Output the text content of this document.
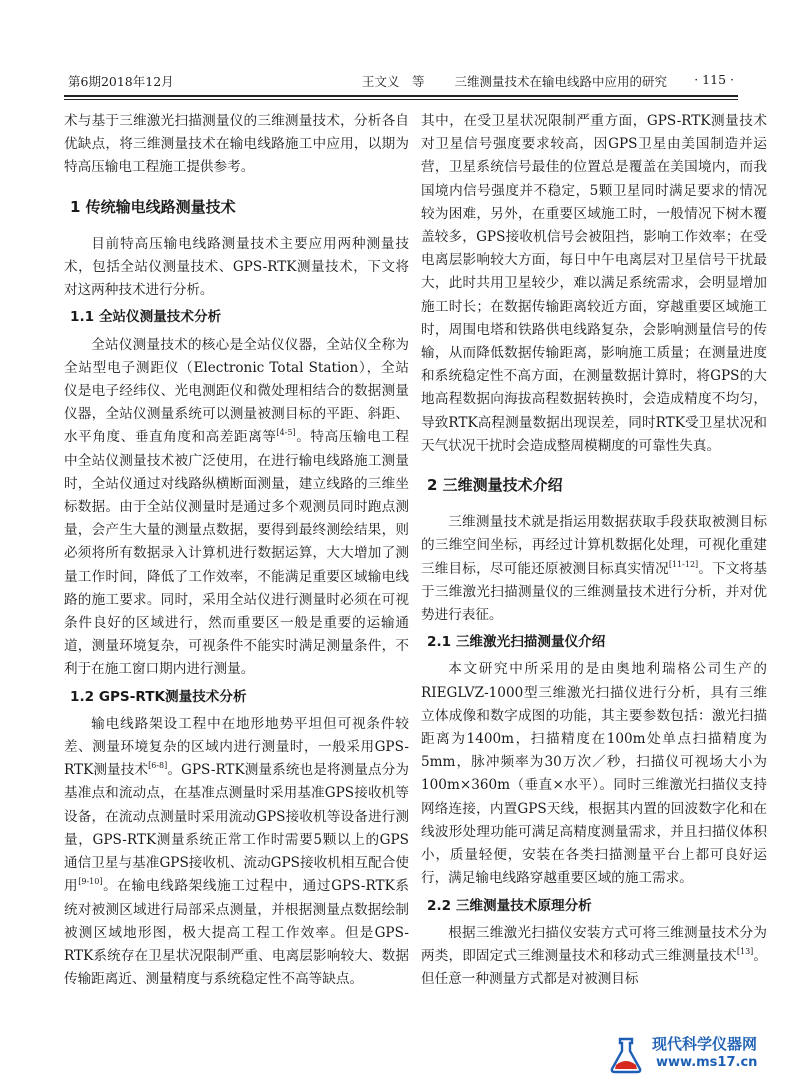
第6期2018年12月	王文义　等 三维测量技术在输电线路中应用的研究 · 115 ·

术与基于三维激光扫描测量仪的三维测量技术，分析各自优缺点，将三维测量技术在输电线路施工中应用，以期为特高压输电工程施工提供参考。

1 传统输电线路测量技术

目前特高压输电线路测量技术主要应用两种测量技术，包括全站仪测量技术、GPS-RTK测量技术，下文将对这两种技术进行分析。

1.1 全站仪测量技术分析

全站仪测量技术的核心是全站仪仪器，全站仪全称为全站型电子测距仪（Electronic Total Station），全站仪是电子经纬仪、光电测距仪和微处理相结合的数据测量仪器，全站仪测量系统可以测量被测目标的平距、斜距、水平角度、垂直角度和高差距离等[4-5]。特高压输电工程中全站仪测量技术被广泛使用，在进行输电线路施工测量时，全站仪通过对线路纵横断面测量，建立线路的三维坐标数据。由于全站仪测量时是通过多个观测员同时跑点测量，会产生大量的测量点数据，要得到最终测绘结果，则必须将所有数据录入计算机进行数据运算，大大增加了测量工作时间，降低了工作效率，不能满足重要区域输电线路的施工要求。同时，采用全站仪进行测量时必须在可视条件良好的区域进行，然而重要区一般是重要的运输通道，测量环境复杂，可视条件不能实时满足测量条件，不利于在施工窗口期内进行测量。

1.2 GPS-RTK测量技术分析

输电线路架设工程中在地形地势平坦但可视条件较差、测量环境复杂的区域内进行测量时，一般采用GPS-RTK测量技术[6-8]。GPS-RTK测量系统也是将测量点分为基准点和流动点，在基准点测量时采用基准GPS接收机等设备，在流动点测量时采用流动GPS接收机等设备进行测量，GPS-RTK测量系统正常工作时需要5颗以上的GPS通信卫星与基准GPS接收机、流动GPS接收机相互配合使用[9-10]。在输电线路架线施工过程中，通过GPS-RTK系统对被测区域进行局部采点测量，并根据测量点数据绘制被测区域地形图，极大提高工程工作效率。但是GPS-RTK系统存在卫星状况限制严重、电离层影响较大、数据传输距离近、测量精度与系统稳定性不高等缺点。

其中，在受卫星状况限制严重方面，GPS-RTK测量技术对卫星信号强度要求较高，因GPS卫星由美国制造并运营，卫星系统信号最佳的位置总是覆盖在美国境内，而我国境内信号强度并不稳定，5颗卫星同时满足要求的情况较为困难，另外，在重要区域施工时，一般情况下树木覆盖较多，GPS接收机信号会被阻挡，影响工作效率；在受电离层影响较大方面，每日中午电离层对卫星信号干扰最大，此时共用卫星较少，难以满足系统需求，会明显增加施工时长；在数据传输距离较近方面，穿越重要区域施工时，周围电塔和铁路供电线路复杂，会影响测量信号的传输，从而降低数据传输距离，影响施工质量；在测量进度和系统稳定性不高方面，在测量数据计算时，将GPS的大地高程数据向海拔高程数据转换时，会造成精度不均匀，导致RTK高程测量数据出现误差，同时RTK受卫星状况和天气状况干扰时会造成整周模糊度的可靠性失真。

2 三维测量技术介绍

三维测量技术就是指运用数据获取手段获取被测目标的三维空间坐标，再经过计算机数据化处理，可视化重建三维目标，尽可能还原被测目标真实情况[11-12]。下文将基于三维激光扫描测量仪的三维测量技术进行分析，并对优势进行表征。

2.1 三维激光扫描测量仪介绍

本文研究中所采用的是由奥地利瑞格公司生产的RIEGLVZ-1000型三维激光扫描仪进行分析，具有三维立体成像和数字成图的功能，其主要参数包括：激光扫描距离为1400m，扫描精度在100m处单点扫描精度为5mm，脉冲频率为30万次／秒，扫描仪可视场大小为100m×360m（垂直×水平）。同时三维激光扫描仪支持网络连接，内置GPS天线，根据其内置的回波数字化和在线波形处理功能可满足高精度测量需求，并且扫描仪体积小，质量轻便，安装在各类扫描测量平台上都可良好运行，满足输电线路穿越重要区域的施工需求。

2.2 三维测量技术原理分析

根据三维激光扫描仪安装方式可将三维测量技术分为两类，即固定式三维测量技术和移动式三维测量技术[13]。但任意一种测量方式都是对被测目标

现代科学仪器网
www.ms17.cn
